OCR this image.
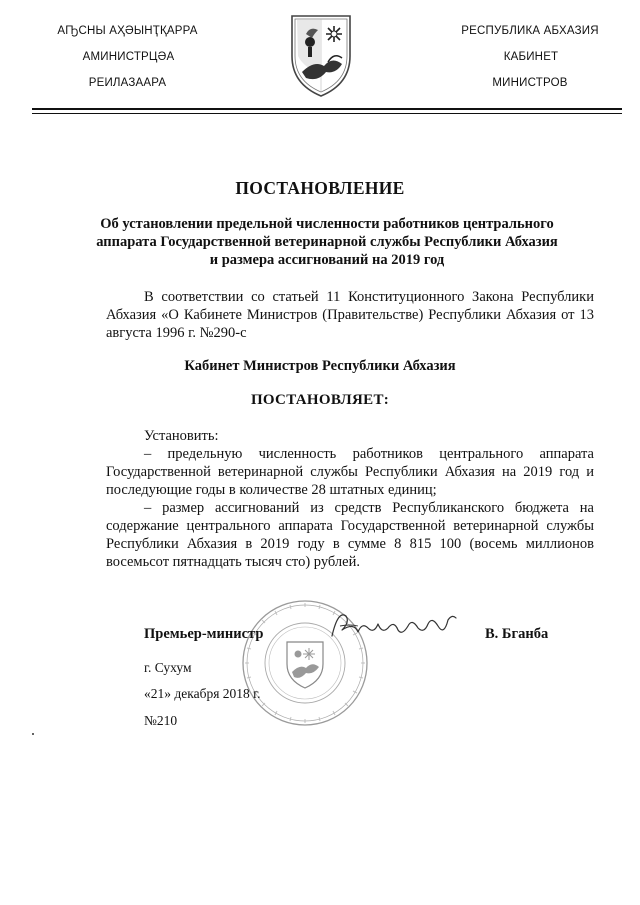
АҦСНЫ АҲӘЫНҬҚАРРА
АМИНИСТРЦӘА
РЕИЛАЗААРА
РЕСПУБЛИКА АБХАЗИЯ
КАБИНЕТ
МИНИСТРОВ
ПОСТАНОВЛЕНИЕ
Об установлении предельной численности работников центрального
аппарата Государственной ветеринарной службы Республики Абхазия
и размера ассигнований на 2019 год
В соответствии со статьей 11 Конституционного Закона Республики Абхазия «О Кабинете Министров (Правительстве) Республики Абхазия от 13 августа 1996 г. №290-с
Кабинет Министров Республики Абхазия
ПОСТАНОВЛЯЕТ:
Установить:
– предельную численность работников центрального аппарата Государственной ветеринарной службы Республики Абхазия на 2019 год и последующие годы в количестве 28 штатных единиц;
– размер ассигнований из средств Республиканского бюджета на содержание центрального аппарата Государственной ветеринарной службы Республики Абхазия в 2019 году в сумме 8 815 100 (восемь миллионов восемьсот пятнадцать тысяч сто) рублей.
Премьер-министр	В. Бганба
г. Сухум
«21» декабря 2018 г.
№210
